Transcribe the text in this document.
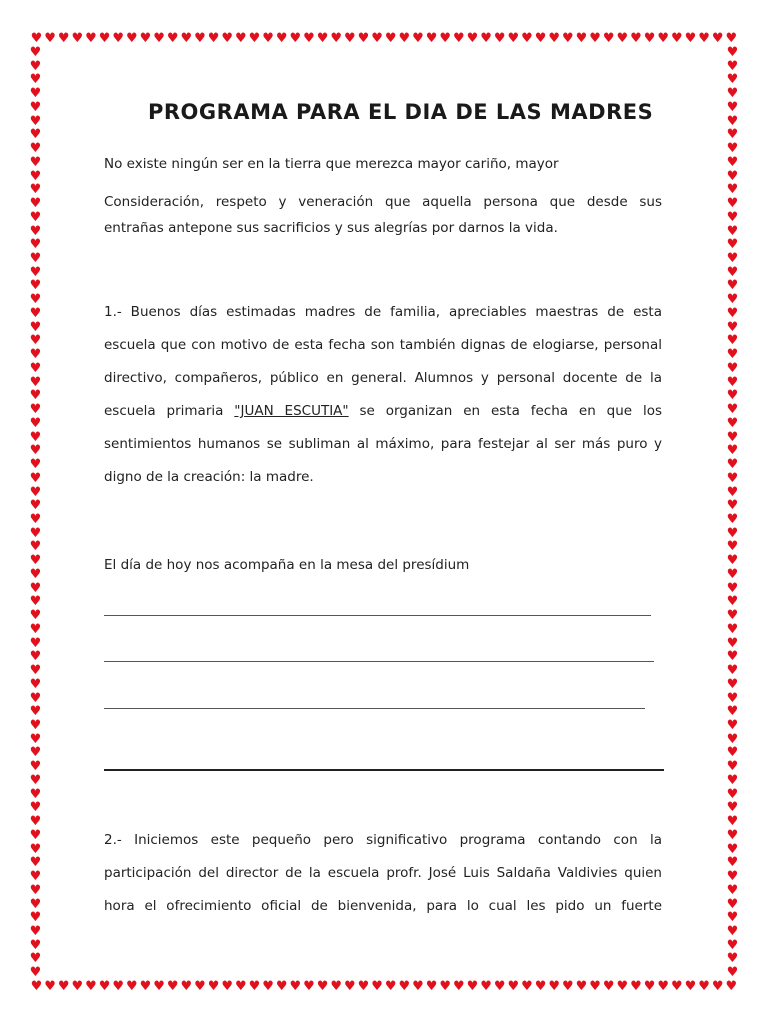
♥ ♥ ♥ ♥ ♥ ♥ ♥ ♥ ♥ ♥ ♥ ♥ ♥ ♥ ♥ ♥ ♥ ♥ ♥ ♥ ♥ ♥ ♥ ♥ ♥ ♥ ♥ ♥ ♥ ♥ ♥ ♥ ♥ ♥ ♥ ♥ ♥ ♥ ♥ ♥ ♥ ♥ ♥ ♥ ♥ ♥ ♥ ♥ ♥ ♥ ♥ ♥
♥ ♥ ♥ ♥ ♥ ♥ ♥ ♥ ♥ ♥ ♥ ♥ ♥ ♥ ♥ ♥ ♥ ♥ ♥ ♥ ♥ ♥ ♥ ♥ ♥ ♥ ♥ ♥ ♥ ♥ ♥ ♥ ♥ ♥ ♥ ♥ ♥ ♥ ♥ ♥ ♥ ♥ ♥ ♥ ♥ ♥ ♥ ♥ ♥ ♥ ♥ ♥
♥
♥
♥
♥
♥
♥
♥
♥
♥
♥
♥
♥
♥
♥
♥
♥
♥
♥
♥
♥
♥
♥
♥
♥
♥
♥
♥
♥
♥
♥
♥
♥
♥
♥
♥
♥
♥
♥
♥
♥
♥
♥
♥
♥
♥
♥
♥
♥
♥
♥
♥
♥
♥
♥
♥
♥
♥
♥
♥
♥
♥
♥
♥
♥
♥
♥
♥
♥
♥
♥
♥
♥
♥
♥
♥
♥
♥
♥
♥
♥
♥
♥
♥
♥
♥
♥
♥
♥
♥
♥
♥
♥
♥
♥
♥
♥
♥
♥
♥
♥
♥
♥
♥
♥
♥
♥
♥
♥
♥
♥
♥
♥
♥
♥
♥
♥
♥
♥
♥
♥
♥
♥
♥
♥
♥
♥
♥
♥
♥
♥
♥
♥
♥
♥
♥
♥
PROGRAMA PARA EL DIA DE LAS MADRES
No existe ningún ser en la tierra que merezca mayor cariño, mayor
Consideración, respeto y veneración que aquella persona que desde sus
entrañas antepone sus sacrificios y sus alegrías por darnos la vida.
1.- Buenos días estimadas madres de familia, apreciables maestras de esta
escuela que con motivo de esta fecha son también dignas de elogiarse, personal
directivo, compañeros, público en general. Alumnos y personal docente de la
escuela primaria "JUAN ESCUTIA" se organizan en esta fecha en que los
sentimientos humanos se subliman al máximo, para festejar al ser más puro y
digno de la creación: la madre.
El día de hoy nos acompaña en la mesa del presídium
2.- Iniciemos este pequeño pero significativo programa contando con la
participación del director de la escuela profr. José Luis Saldaña Valdivies quien
hora el ofrecimiento oficial de bienvenida, para lo cual les pido un fuerte
